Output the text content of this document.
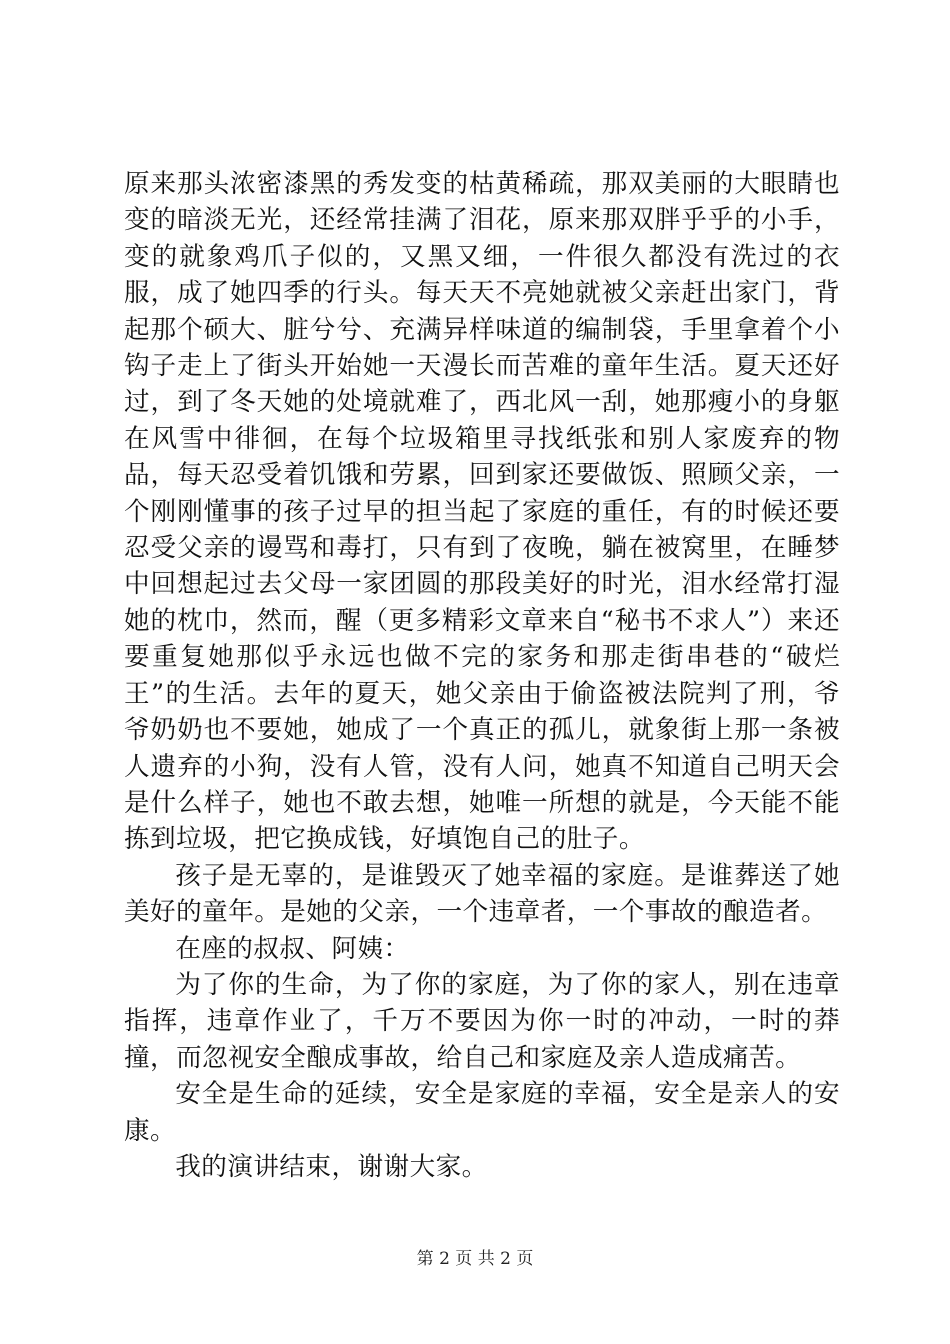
原来那头浓密漆黑的秀发变的枯黄稀疏，那双美丽的大眼睛也变的暗淡无光，还经常挂满了泪花，原来那双胖乎乎的小手，变的就象鸡爪子似的，又黑又细，一件很久都没有洗过的衣服，成了她四季的行头。每天天不亮她就被父亲赶出家门，背起那个硕大、脏兮兮、充满异样味道的编制袋，手里拿着个小钩子走上了街头开始她一天漫长而苦难的童年生活。夏天还好过，到了冬天她的处境就难了，西北风一刮，她那瘦小的身躯在风雪中徘徊，在每个垃圾箱里寻找纸张和别人家废弃的物品，每天忍受着饥饿和劳累，回到家还要做饭、照顾父亲，一个刚刚懂事的孩子过早的担当起了家庭的重任，有的时候还要忍受父亲的谩骂和毒打，只有到了夜晚，躺在被窝里，在睡梦中回想起过去父母一家团圆的那段美好的时光，泪水经常打湿她的枕巾，然而，醒（更多精彩文章来自“秘书不求人”）来还要重复她那似乎永远也做不完的家务和那走街串巷的“破烂王”的生活。去年的夏天，她父亲由于偷盗被法院判了刑，爷爷奶奶也不要她，她成了一个真正的孤儿，就象街上那一条被人遗弃的小狗，没有人管，没有人问，她真不知道自己明天会是什么样子，她也不敢去想，她唯一所想的就是，今天能不能拣到垃圾，把它换成钱，好填饱自己的肚子。

孩子是无辜的，是谁毁灭了她幸福的家庭。是谁葬送了她美好的童年。是她的父亲，一个违章者，一个事故的酿造者。

在座的叔叔、阿姨：

为了你的生命，为了你的家庭，为了你的家人，别在违章指挥，违章作业了，千万不要因为你一时的冲动，一时的莽撞，而忽视安全酿成事故，给自己和家庭及亲人造成痛苦。

安全是生命的延续，安全是家庭的幸福，安全是亲人的安康。

我的演讲结束，谢谢大家。

第 2 页 共 2 页
